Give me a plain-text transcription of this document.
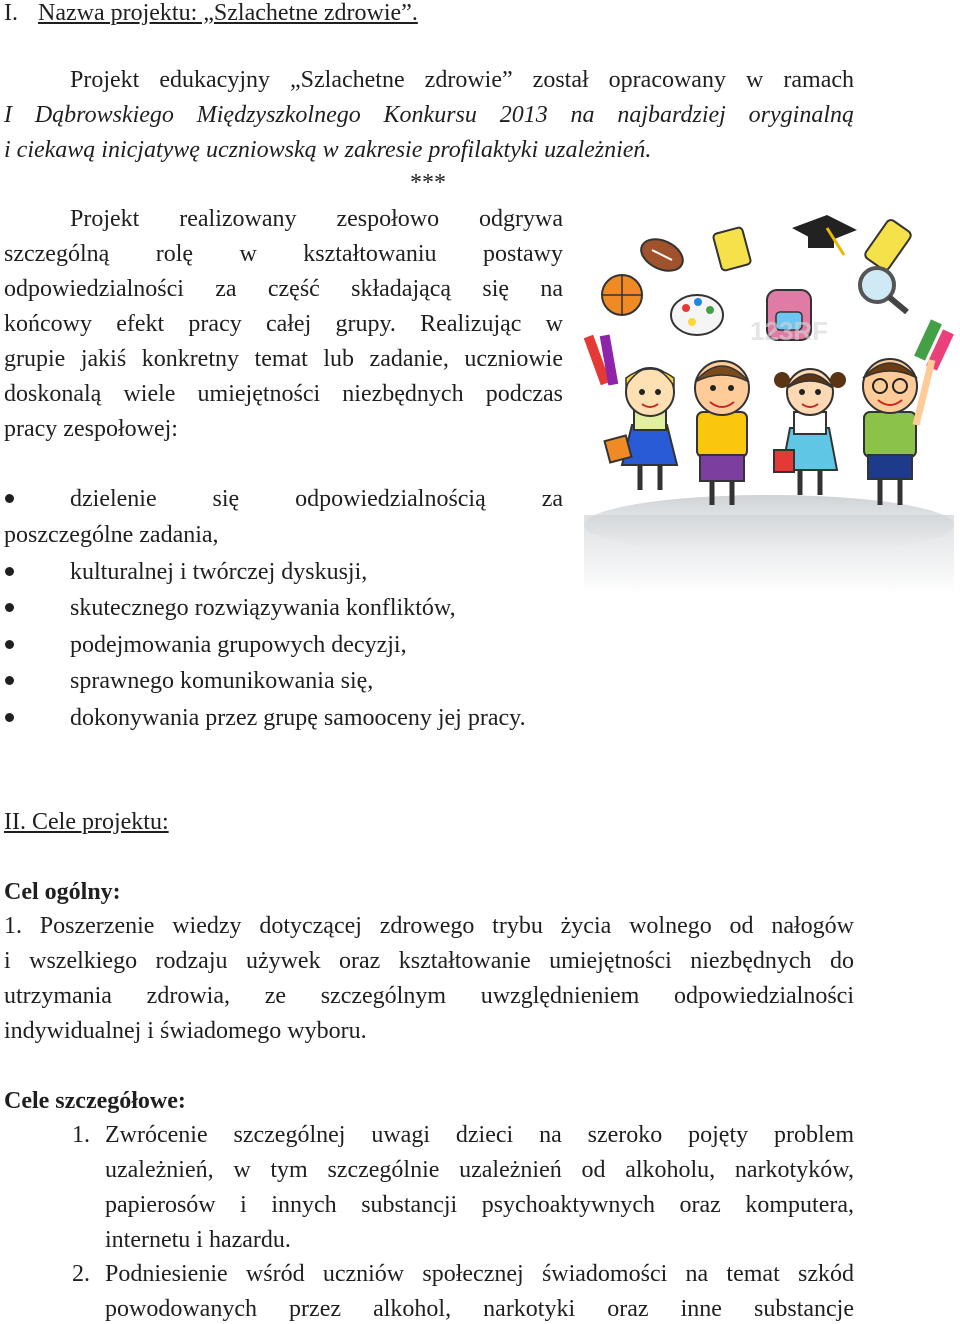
I. Nazwa projektu: „Szlachetne zdrowie”.
Projekt edukacyjny „Szlachetne zdrowie” został opracowany w ramach
I Dąbrowskiego Międzyszkolnego Konkursu 2013 na najbardziej oryginalną
i ciekawą inicjatywę uczniowską w zakresie profilaktyki uzależnień.
***
Projekt realizowany zespołowo odgrywa
szczególną rolę w kształtowaniu postawy
odpowiedzialności za część składającą się na
końcowy efekt pracy całej grupy. Realizując w
grupie jakiś konkretny temat lub zadanie, uczniowie
doskonalą wiele umiejętności niezbędnych podczas
pracy zespołowej:
dzielenie się odpowiedzialnością za
poszczególne zadania,
kulturalnej i twórczej dyskusji,
skutecznego rozwiązywania konfliktów,
podejmowania grupowych decyzji,
sprawnego komunikowania się,
dokonywania przez grupę samooceny jej pracy.
II. Cele projektu:
Cel ogólny:
1. Poszerzenie wiedzy dotyczącej zdrowego trybu życia wolnego od nałogów
i wszelkiego rodzaju używek oraz kształtowanie umiejętności niezbędnych do
utrzymania zdrowia, ze szczególnym uwzględnieniem odpowiedzialności
indywidualnej i świadomego wyboru.
Cele szczegółowe:
1. Zwrócenie szczególnej uwagi dzieci na szeroko pojęty problem
uzależnień, w tym szczególnie uzależnień od alkoholu, narkotyków,
papierosów i innych substancji psychoaktywnych oraz komputera,
internetu i hazardu.
2. Podniesienie wśród uczniów społecznej świadomości na temat szkód
powodowanych przez alkohol, narkotyki oraz inne substancje
123RF
